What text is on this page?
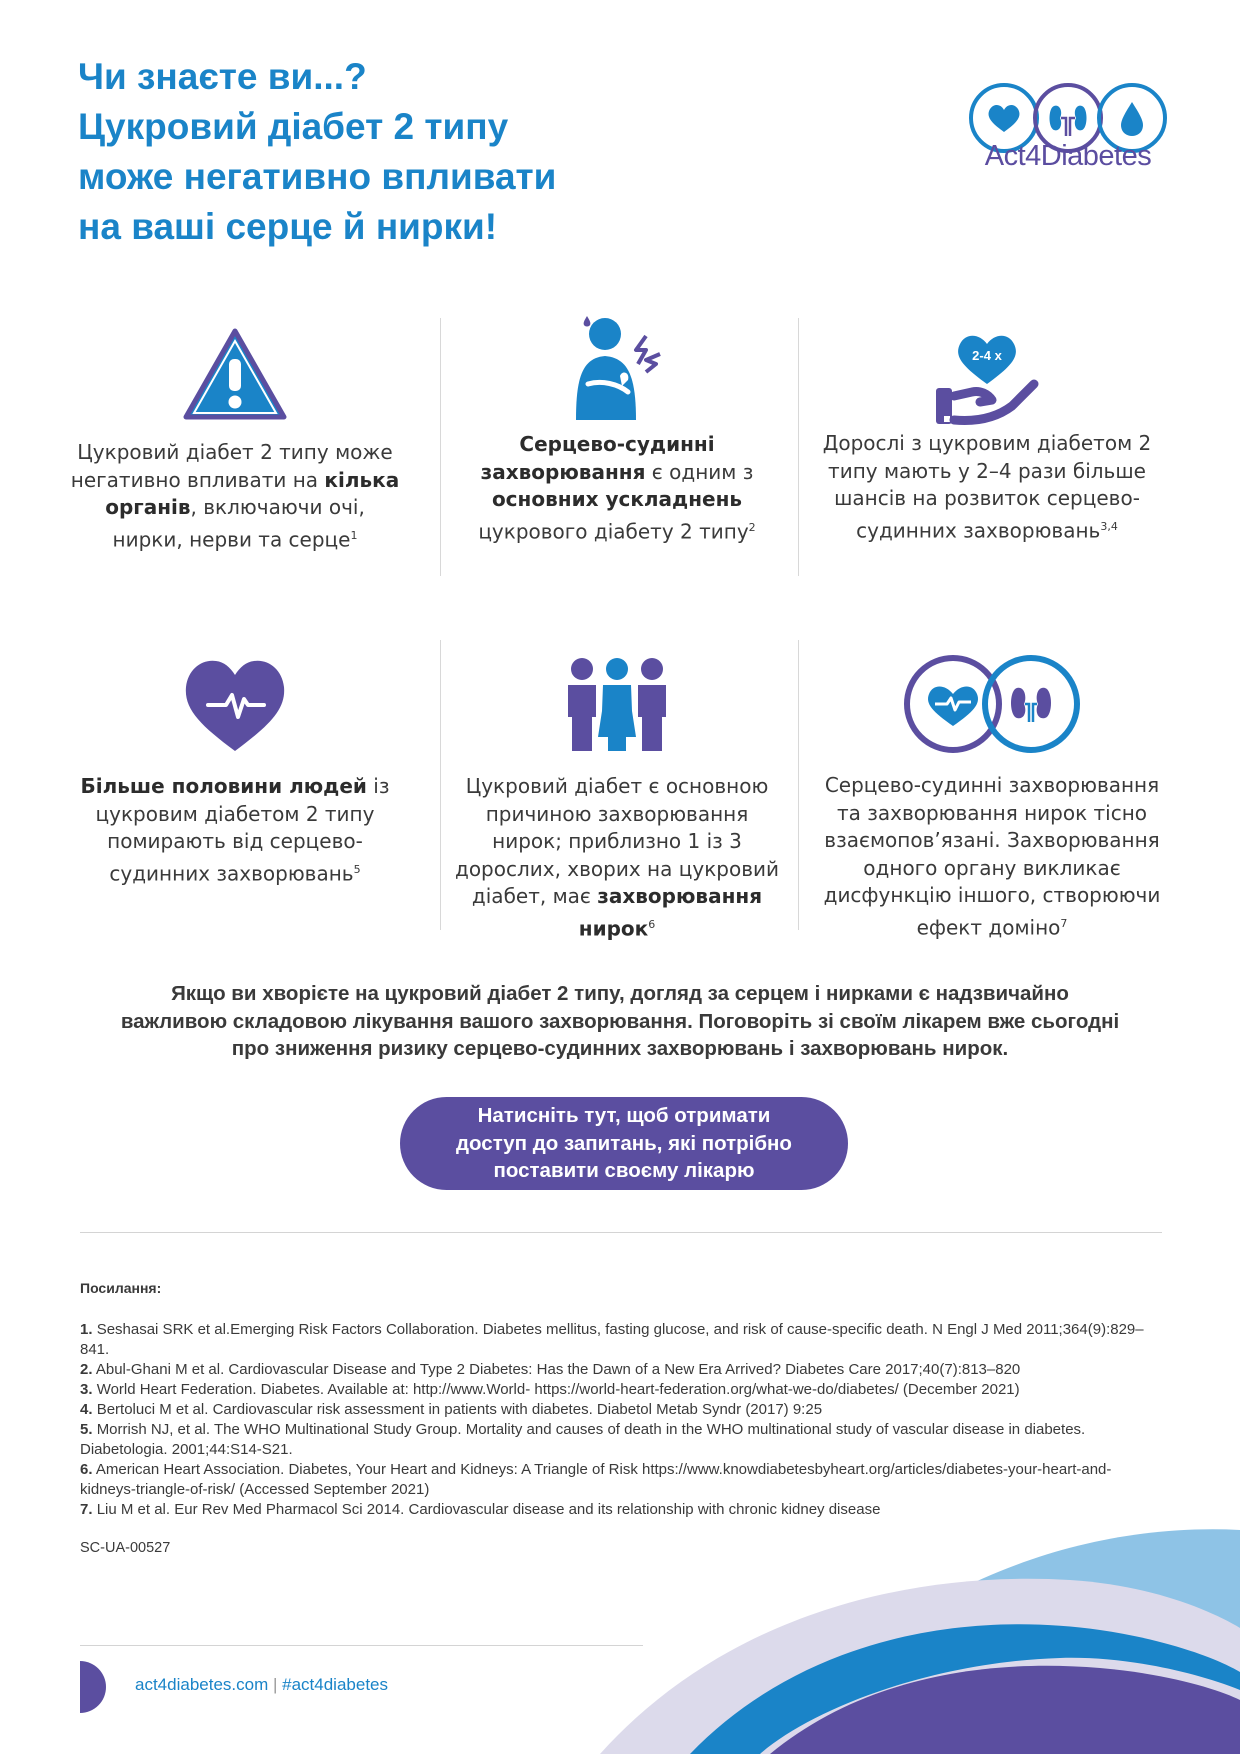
Чи знаєте ви...?
Цукровий діабет 2 типу
може негативно впливати
на ваші серце й нирки!
Act4Diabetes

Цукровий діабет 2 типу може негативно впливати на кілька органів, включаючи очі, нирки, нерви та серце$^1$

Серцево-судинні захворювання є одним з основних ускладнень цукрового діабету 2 типу$^2$

2-4 x

Дорослі з цукровим діабетом 2 типу мають у 2–4 рази більше шансів на розвиток серцево-судинних захворювань$^{3,4}$

Більше половини людей із цукровим діабетом 2 типу помирають від серцево-судинних захворювань$^5$

Цукровий діабет є основною причиною захворювання нирок; приблизно 1 із 3 дорослих, хворих на цукровий діабет, має захворювання нирок$^6$

Серцево-судинні захворювання та захворювання нирок тісно взаємопов’язані. Захворювання одного органу викликає дисфункцію іншого, створюючи ефект доміно$^7$

Якщо ви хворієте на цукровий діабет 2 типу, догляд за серцем і нирками є надзвичайно важливою складовою лікування вашого захворювання. Поговоріть зі своїм лікарем вже сьогодні про зниження ризику серцево-судинних захворювань і захворювань нирок.

Натисніть тут, щоб отримати
доступ до запитань, які потрібно
поставити своєму лікарю

Посилання:

1. Seshasai SRK et al.Emerging Risk Factors Collaboration. Diabetes mellitus, fasting glucose, and risk of cause-specific death. N Engl J Med 2011;364(9):829–841.
2. Abul-Ghani M et al. Cardiovascular Disease and Type 2 Diabetes: Has the Dawn of a New Era Arrived? Diabetes Care 2017;40(7):813–820
3. World Heart Federation. Diabetes. Available at: http://www.World- https://world-heart-federation.org/what-we-do/diabetes/ (December 2021)
4. Bertoluci M et al. Cardiovascular risk assessment in patients with diabetes. Diabetol Metab Syndr (2017) 9:25
5. Morrish NJ, et al. The WHO Multinational Study Group. Mortality and causes of death in the WHO multinational study of vascular disease in diabetes. Diabetologia. 2001;44:S14-S21.
6. American Heart Association. Diabetes, Your Heart and Kidneys: A Triangle of Risk https://www.knowdiabetesbyheart.org/articles/diabetes-your-heart-and-kidneys-triangle-of-risk/ (Accessed September 2021)
7. Liu M et al. Eur Rev Med Pharmacol Sci 2014. Cardiovascular disease and its relationship with chronic kidney disease

SC-UA-00527

act4diabetes.com | #act4diabetes
